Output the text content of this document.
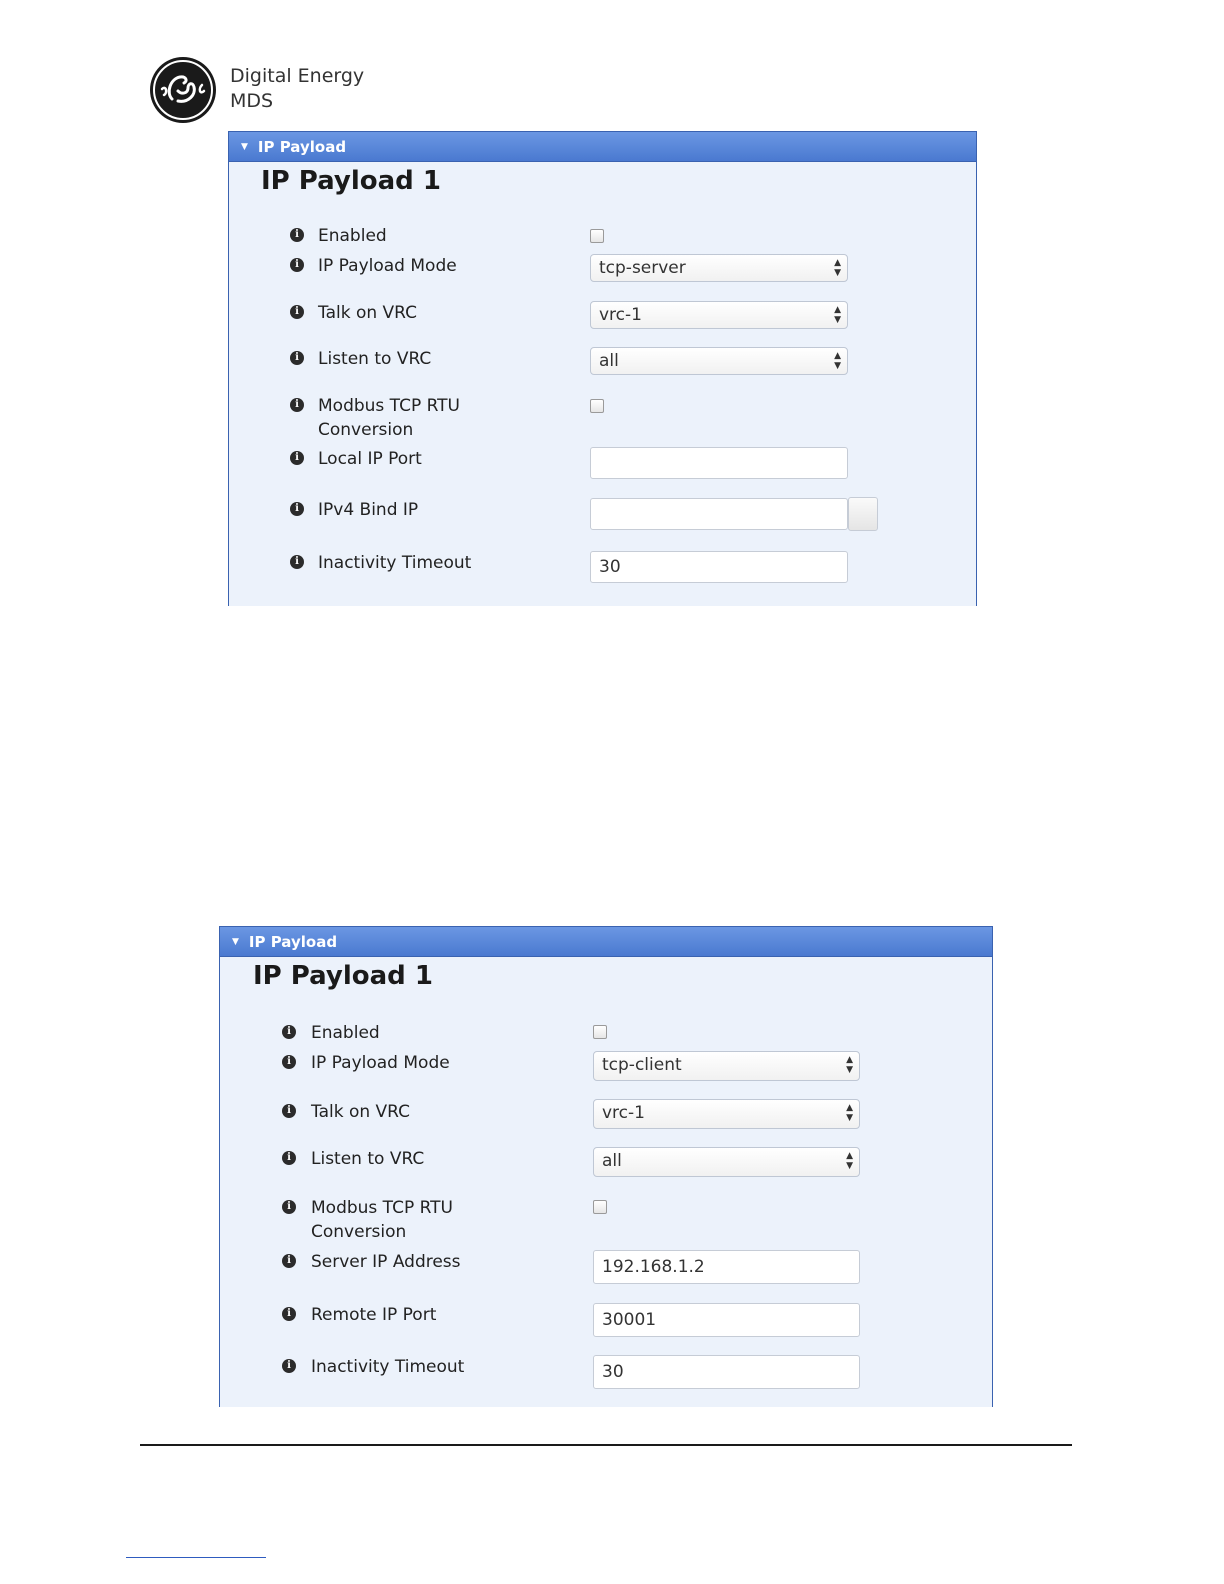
Digital Energy
MDS
▼ IP Payload
IP Payload 1
i Enabled
i IP Payload Mode	tcp-server	▲
▼
i Talk on VRC	vrc-1	▲
▼
i Listen to VRC	all	▲
▼
i Modbus TCP RTU
Conversion
i Local IP Port
i IPv4 Bind IP
i Inactivity Timeout	30
▼ IP Payload
IP Payload 1
i Enabled
i IP Payload Mode	tcp-client	▲
▼
i Talk on VRC	vrc-1	▲
▼
i Listen to VRC	all	▲
▼
i Modbus TCP RTU
Conversion
i Server IP Address	192.168.1.2
i Remote IP Port	30001
i Inactivity Timeout	30
